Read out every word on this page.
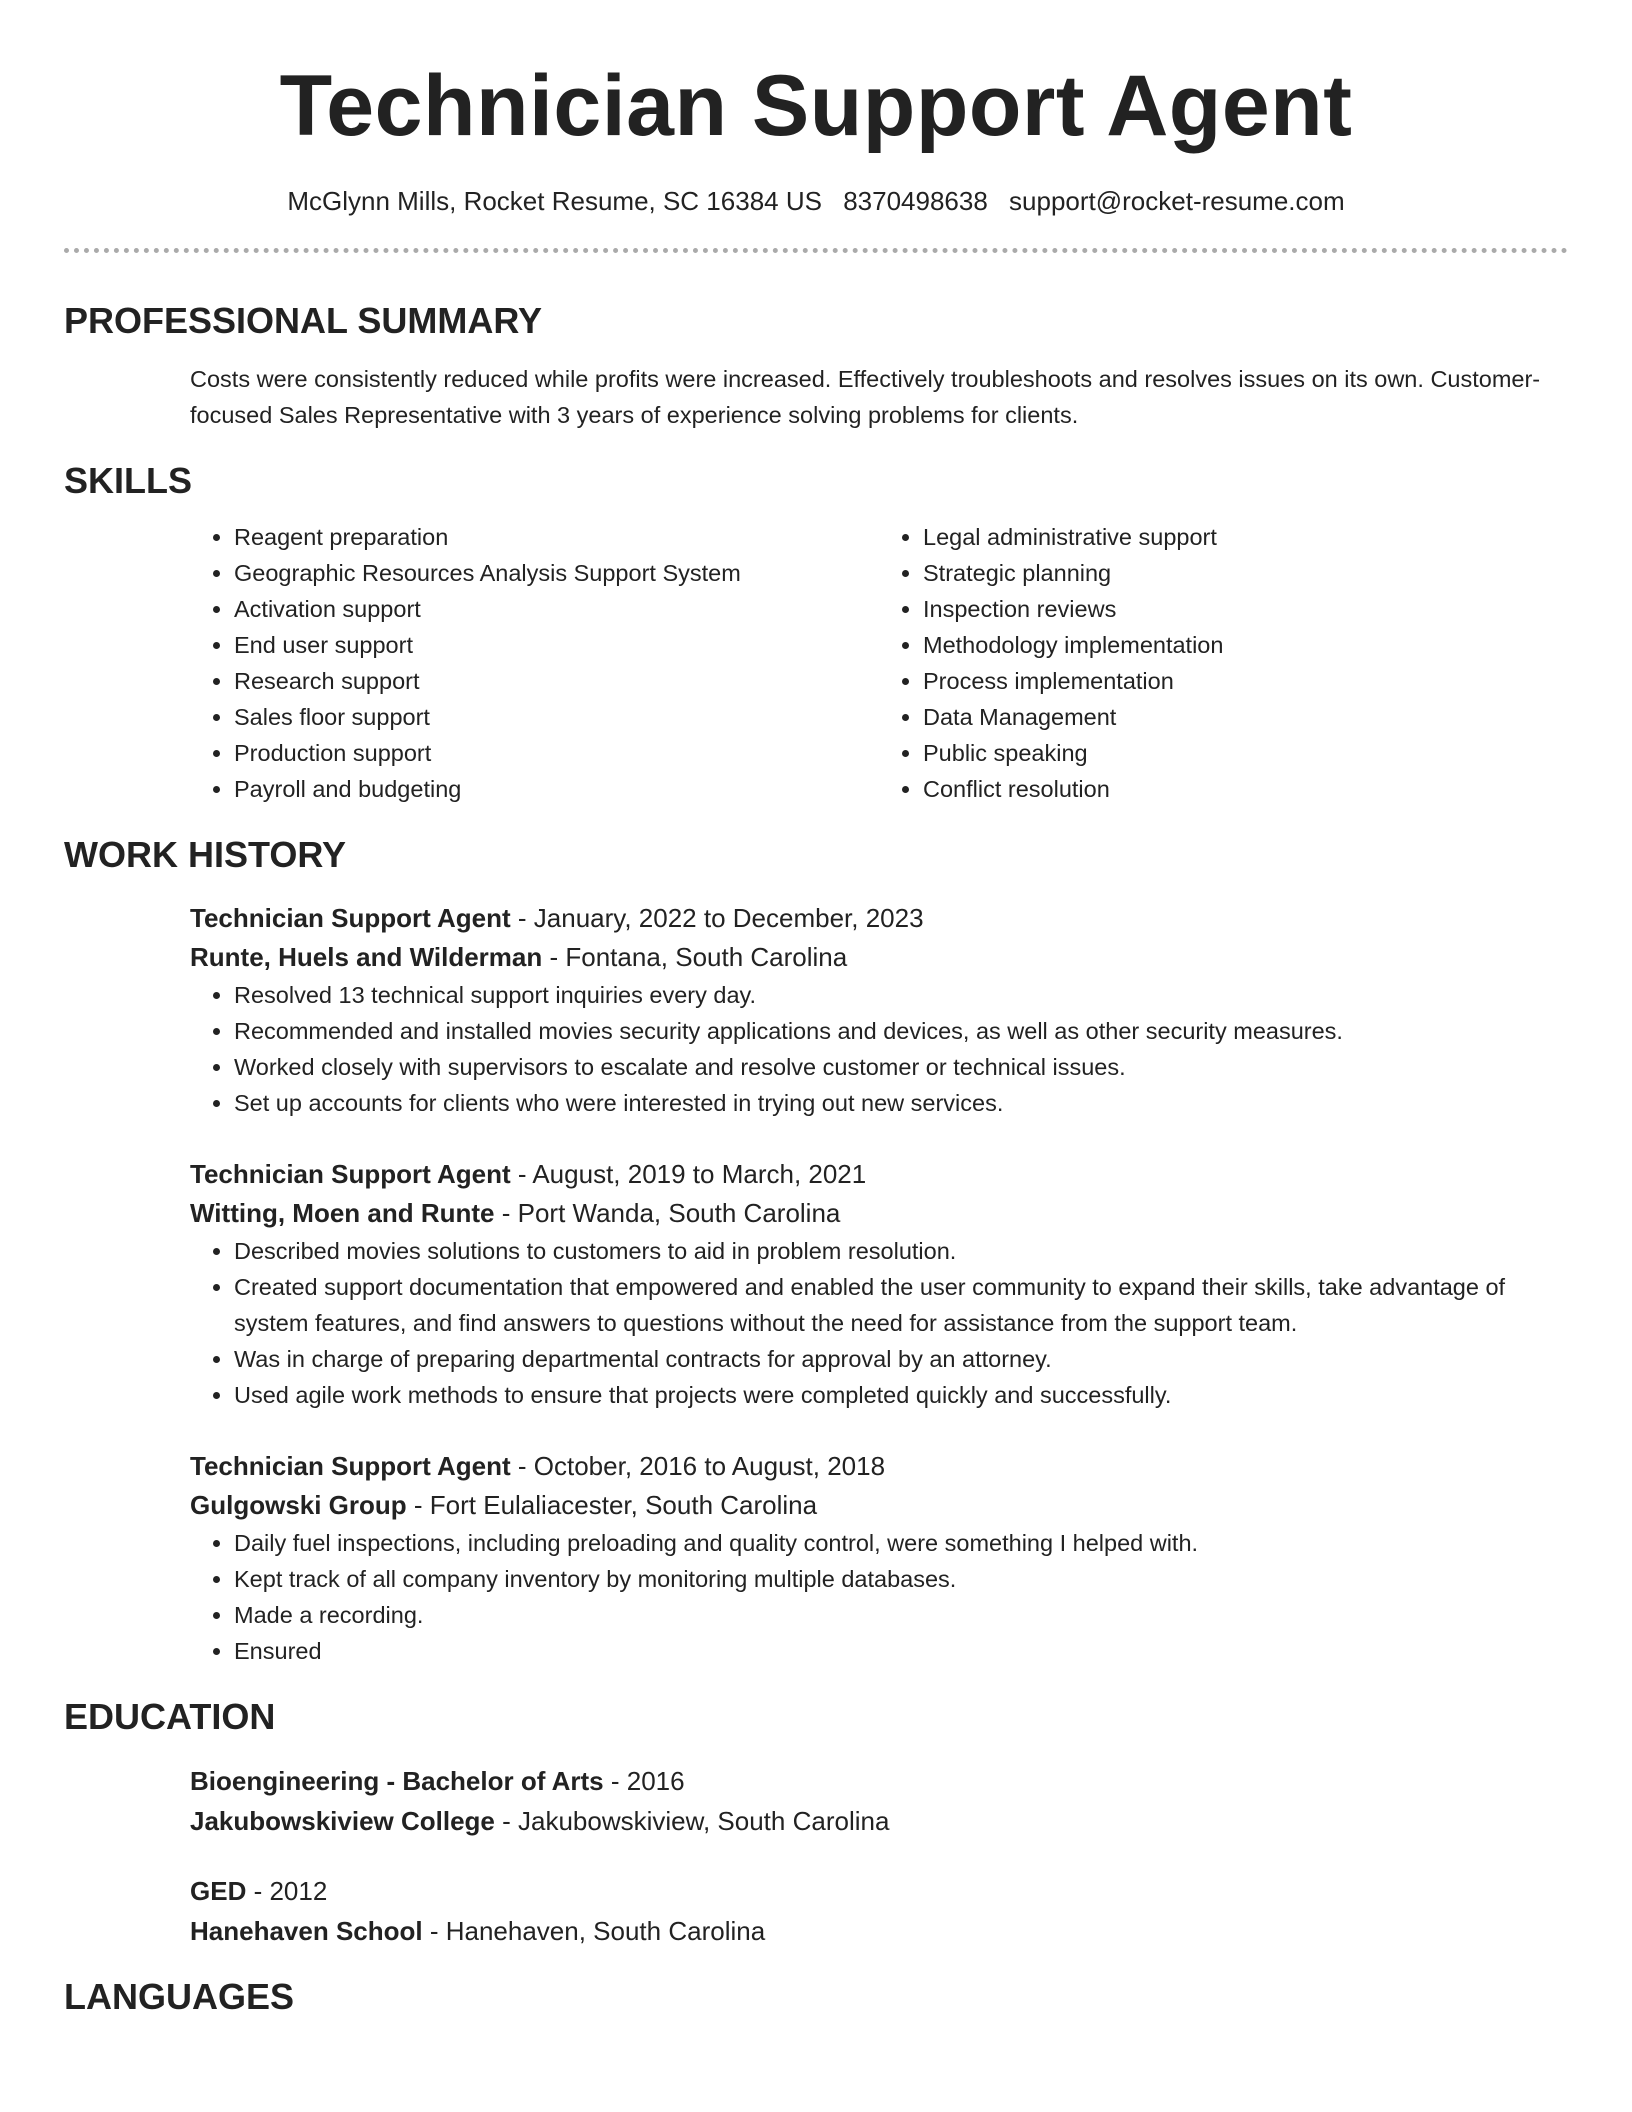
Technician Support Agent
McGlynn Mills, Rocket Resume, SC 16384 US 8370498638 support@rocket-resume.com
PROFESSIONAL SUMMARY
Costs were consistently reduced while profits were increased. Effectively troubleshoots and resolves issues on its own. Customer-focused Sales Representative with 3 years of experience solving problems for clients.
SKILLS
• Reagent preparation
• Geographic Resources Analysis Support System
• Activation support
• End user support
• Research support
• Sales floor support
• Production support
• Payroll and budgeting
• Legal administrative support
• Strategic planning
• Inspection reviews
• Methodology implementation
• Process implementation
• Data Management
• Public speaking
• Conflict resolution
WORK HISTORY
Technician Support Agent - January, 2022 to December, 2023
Runte, Huels and Wilderman - Fontana, South Carolina
• Resolved 13 technical support inquiries every day.
• Recommended and installed movies security applications and devices, as well as other security measures.
• Worked closely with supervisors to escalate and resolve customer or technical issues.
• Set up accounts for clients who were interested in trying out new services.
Technician Support Agent - August, 2019 to March, 2021
Witting, Moen and Runte - Port Wanda, South Carolina
• Described movies solutions to customers to aid in problem resolution.
• Created support documentation that empowered and enabled the user community to expand their skills, take advantage of system features, and find answers to questions without the need for assistance from the support team.
• Was in charge of preparing departmental contracts for approval by an attorney.
• Used agile work methods to ensure that projects were completed quickly and successfully.
Technician Support Agent - October, 2016 to August, 2018
Gulgowski Group - Fort Eulaliacester, South Carolina
• Daily fuel inspections, including preloading and quality control, were something I helped with.
• Kept track of all company inventory by monitoring multiple databases.
• Made a recording.
• Ensured
EDUCATION
Bioengineering - Bachelor of Arts - 2016
Jakubowskiview College - Jakubowskiview, South Carolina
GED - 2012
Hanehaven School - Hanehaven, South Carolina
LANGUAGES
